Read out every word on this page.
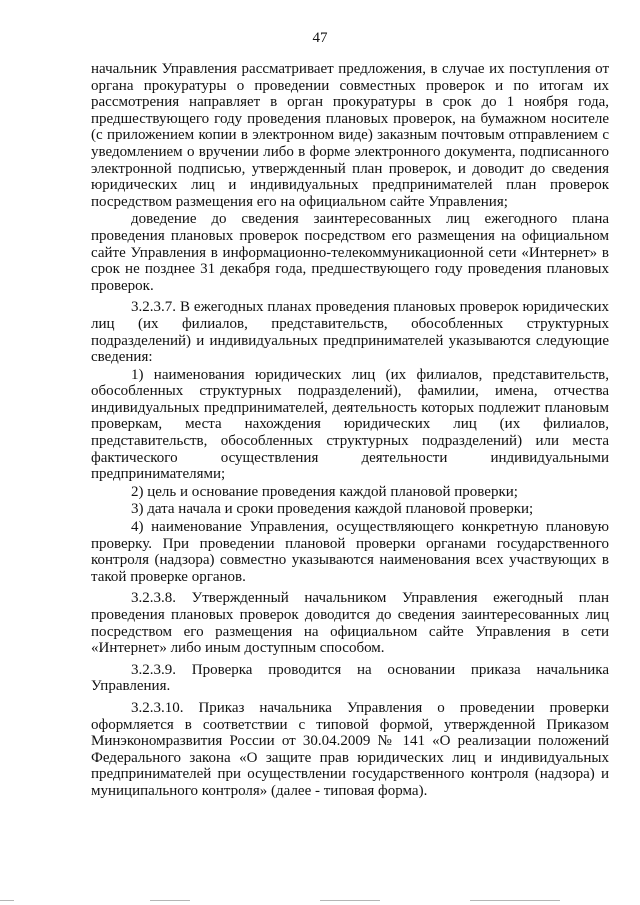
47

начальник Управления рассматривает предложения, в случае их поступления от органа прокуратуры о проведении совместных проверок и по итогам их рассмотрения направляет в орган прокуратуры в срок до 1 ноября года, предшествующего году проведения плановых проверок, на бумажном носителе (с приложением копии в электронном виде) заказным почтовым отправлением с уведомлением о вручении либо в форме электронного документа, подписанного электронной подписью, утвержденный план проверок, и доводит до сведения юридических лиц и индивидуальных предпринимателей план проверок посредством размещения его на официальном сайте Управления;

доведение до сведения заинтересованных лиц ежегодного плана проведения плановых проверок посредством его размещения на официальном сайте Управления в информационно-телекоммуникационной сети «Интернет» в срок не позднее 31 декабря года, предшествующего году проведения плановых проверок.

3.2.3.7. В ежегодных планах проведения плановых проверок юридических лиц (их филиалов, представительств, обособленных структурных подразделений) и индивидуальных предпринимателей указываются следующие сведения:

1) наименования юридических лиц (их филиалов, представительств, обособленных структурных подразделений), фамилии, имена, отчества индивидуальных предпринимателей, деятельность которых подлежит плановым проверкам, места нахождения юридических лиц (их филиалов, представительств, обособленных структурных подразделений) или места фактического осуществления деятельности индивидуальными предпринимателями;

2) цель и основание проведения каждой плановой проверки;

3) дата начала и сроки проведения каждой плановой проверки;

4) наименование Управления, осуществляющего конкретную плановую проверку. При проведении плановой проверки органами государственного контроля (надзора) совместно указываются наименования всех участвующих в такой проверке органов.

3.2.3.8. Утвержденный начальником Управления ежегодный план проведения плановых проверок доводится до сведения заинтересованных лиц посредством его размещения на официальном сайте Управления в сети «Интернет» либо иным доступным способом.

3.2.3.9. Проверка проводится на основании приказа начальника Управления.

3.2.3.10. Приказ начальника Управления о проведении проверки оформляется в соответствии с типовой формой, утвержденной Приказом Минэкономразвития России от 30.04.2009 № 141 «О реализации положений Федерального закона «О защите прав юридических лиц и индивидуальных предпринимателей при осуществлении государственного контроля (надзора) и муниципального контроля» (далее - типовая форма).
